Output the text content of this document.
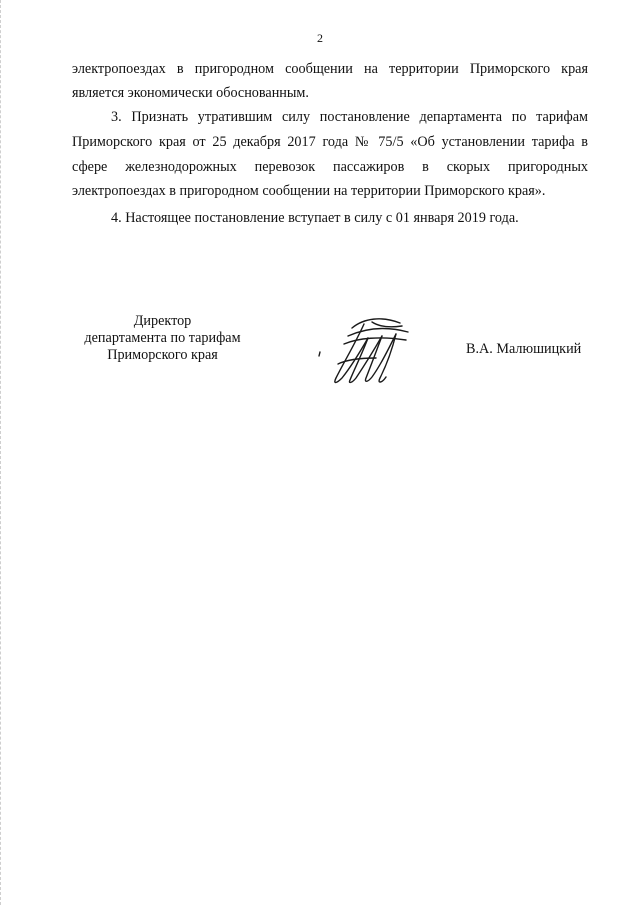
2
электропоездах в пригородном сообщении на территории Приморского края
является экономически обоснованным.
3. Признать утратившим силу постановление департамента по тарифам
Приморского края от 25 декабря 2017 года № 75/5 «Об установлении тарифа в
сфере железнодорожных перевозок пассажиров в скорых пригородных
электропоездах в пригородном сообщении на территории Приморского края».
4. Настоящее постановление вступает в силу с 01 января 2019 года.
Директор
департамента по тарифам
Приморского края	В.А. Малюшицкий
